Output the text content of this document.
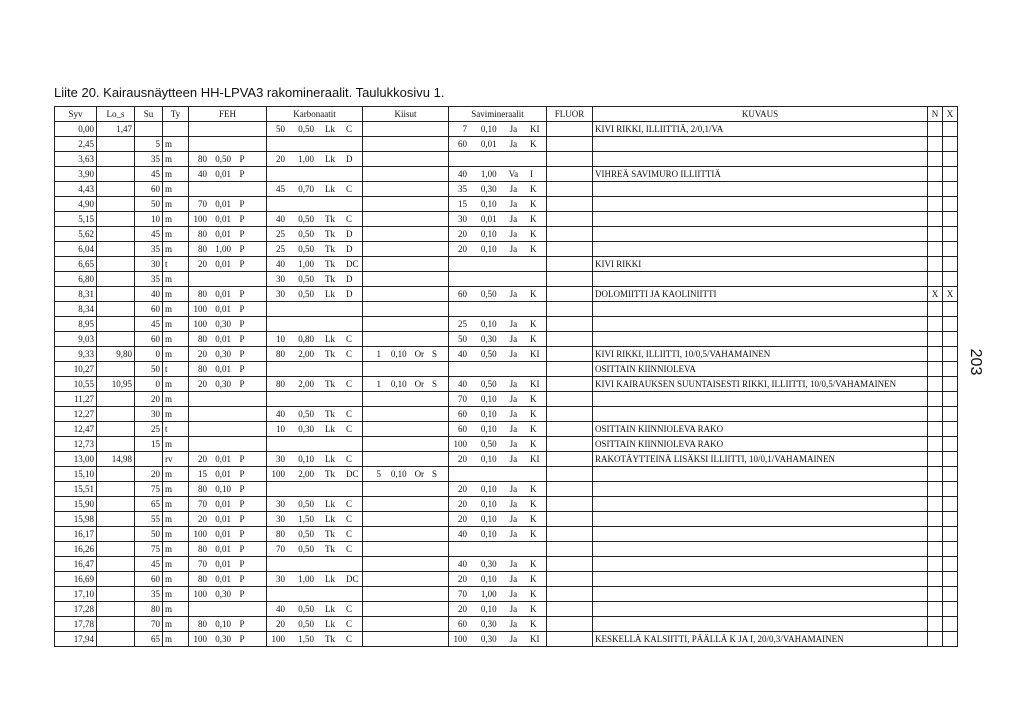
Liite 20. Kairausnäytteen HH-LPVA3 rakomineraalit. Taulukkosivu 1.
Syv	Lo_s	Su	Ty	FEH	Karbonaatit	Kiisut	Savimineraalit	FLUOR	KUVAUS	N	X
0,00	1,47				50 0,50 Lk C		7 0,10 Ja KI		KIVI RIKKI, ILLIITTIÄ, 2/0,1/VA		
2,45		5	m				60 0,01 Ja K				

3,63		35	m	80 0,50 P	20 1,00 Lk D						

3,90		45	m	40 0,01 P			40 1,00 Va I		VIHREÄ SAVIMURO ILLIITTIÄ		
4,43		60	m		45 0,70 Lk C		35 0,30 Ja K				

4,90		50	m	70 0,01 P			15 0,10 Ja K				

5,15		10	m	100 0,01 P	40 0,50 Tk C		30 0,01 Ja K				

5,62		45	m	80 0,01 P	25 0,50 Tk D		20 0,10 Ja K				

6,04		35	m	80 1,00 P	25 0,50 Tk D		20 0,10 Ja K				

6,65		30	t	20 0,01 P	40 1,00 Tk DC				KIVI RIKKI		
6,80		35	m		30 0,50 Tk D						

8,31		40	m	80 0,01 P	30 0,50 Lk D		60 0,50 Ja K		DOLOMIITTI JA KAOLINIITTI	X	X
8,34		60	m	100 0,01 P							

8,95		45	m	100 0,30 P			25 0,10 Ja K				

9,03		60	m	80 0,01 P	10 0,80 Lk C		50 0,30 Ja K				

9,33	9,80	0	m	20 0,30 P	80 2,00 Tk C	1 0,10 Or S	40 0,50 Ja KI		KIVI RIKKI, ILLIITTI, 10/0,5/VAHAMAINEN		
10,27		50	t	80 0,01 P					OSITTAIN KIINNIOLEVA		
10,55	10,95	0	m	20 0,30 P	80 2,00 Tk C	1 0,10 Or S	40 0,50 Ja KI		KIVI KAIRAUKSEN SUUNTAISESTI RIKKI, ILLIITTI, 10/0,5/VAHAMAINEN		
11,27		20	m				70 0,10 Ja K				

12,27		30	m		40 0,50 Tk C		60 0,10 Ja K				

12,47		25	t		10 0,30 Lk C		60 0,10 Ja K		OSITTAIN KIINNIOLEVA RAKO		
12,73		15	m				100 0,50 Ja K		OSITTAIN KIINNIOLEVA RAKO		
13,00	14,98		rv	20 0,01 P	30 0,10 Lk C		20 0,10 Ja KI		RAKOTÄYTTEINÄ LISÄKSI ILLIITTI, 10/0,1/VAHAMAINEN		
15,10		20	m	15 0,01 P	100 2,00 Tk DC	5 0,10 Or S					

15,51		75	m	80 0,10 P			20 0,10 Ja K				

15,90		65	m	70 0,01 P	30 0,50 Lk C		20 0,10 Ja K				

15,98		55	m	20 0,01 P	30 1,50 Lk C		20 0,10 Ja K				

16,17		50	m	100 0,01 P	80 0,50 Tk C		40 0,10 Ja K				

16,26		75	m	80 0,01 P	70 0,50 Tk C						

16,47		45	m	70 0,01 P			40 0,30 Ja K				

16,69		60	m	80 0,01 P	30 1,00 Lk DC		20 0,10 Ja K				

17,10		35	m	100 0,30 P			70 1,00 Ja K				

17,28		80	m		40 0,50 Lk C		20 0,10 Ja K				

17,78		70	m	80 0,10 P	20 0,50 Lk C		60 0,30 Ja K				

17,94		65	m	100 0,30 P	100 1,50 Tk C		100 0,30 Ja KI		KESKELLÄ KALSIITTI, PÄÄLLÄ K JA I, 20/0,3/VAHAMAINEN		
203
